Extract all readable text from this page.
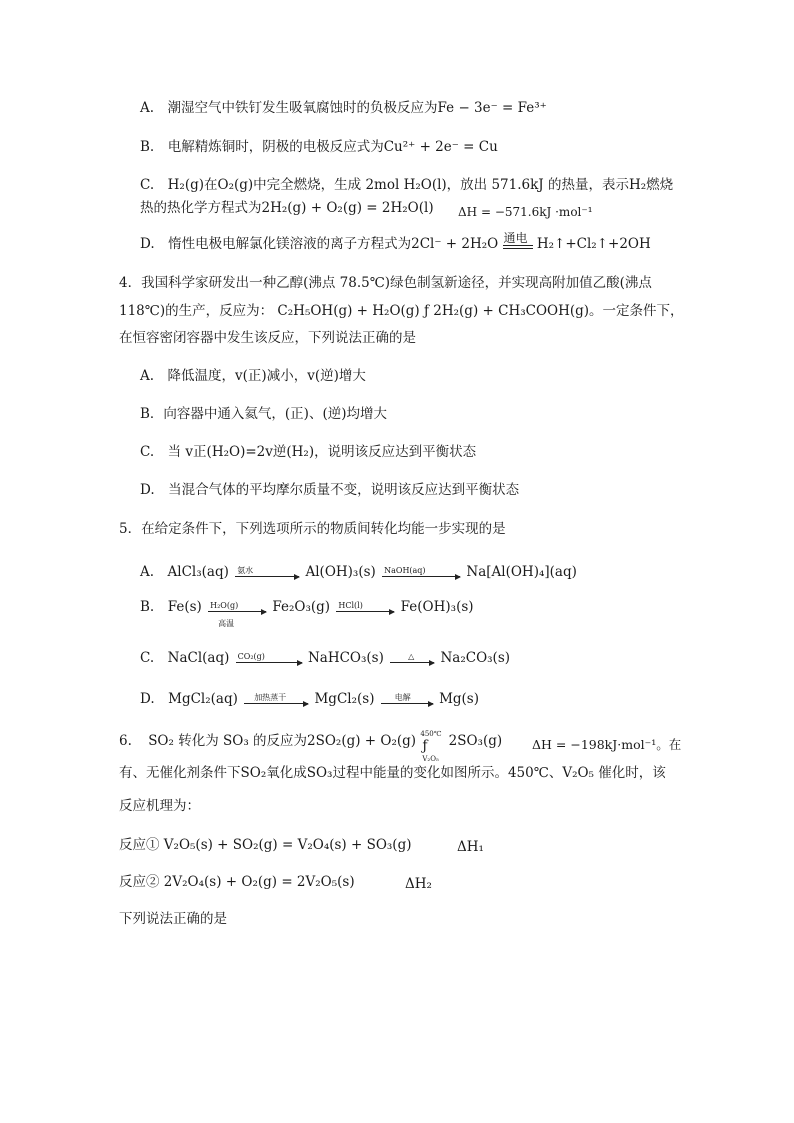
A.　潮湿空气中铁钉发生吸氧腐蚀时的负极反应为Fe − 3e⁻ = Fe³⁺
B.　电解精炼铜时，阴极的电极反应式为Cu²⁺ + 2e⁻ = Cu
C.　H₂(g)在O₂(g)中完全燃烧，生成 2mol H₂O(l)，放出 571.6kJ 的热量，表示H₂燃烧
热的热化学方程式为2H₂(g) + O₂(g) = 2H₂O(l) ΔH = −571.6kJ ·mol⁻¹
D.　惰性电极电解氯化镁溶液的离子方程式为2Cl⁻ + 2H₂O 通电 H₂↑+Cl₂↑+2OH
4．我国科学家研发出一种乙醇(沸点 78.5℃)绿色制氢新途径，并实现高附加值乙酸(沸点
118℃)的生产，反应为： C₂H₅OH(g) + H₂O(g) ƒ 2H₂(g) + CH₃COOH(g)。一定条件下，
在恒容密闭容器中发生该反应，下列说法正确的是
A.　降低温度，v(正)减小，v(逆)增大
B．向容器中通入氦气，(正)、(逆)均增大
C.　当 v正(H₂O)=2v逆(H₂)，说明该反应达到平衡状态
D.　当混合气体的平均摩尔质量不变，说明该反应达到平衡状态
5．在给定条件下，下列选项所示的物质间转化均能一步实现的是
A.　AlCl₃(aq) 氨水	Al(OH)₃(s) NaOH(aq)	Na[Al(OH)₄](aq)
B.　Fe(s) H₂O(g)
高温
Fe₂O₃(g) HCl(l)	Fe(OH)₃(s)
C.　NaCl(aq) CO₂(g)	NaHCO₃(s)	△ Na₂CO₃(s)
D.　MgCl₂(aq) 加热蒸干 MgCl₂(s)	电解 Mg(s)
6. SO₂ 转化为 SO₃ 的反应为2SO₂(g) + O₂(g) 450℃
ƒ
V₂O₅
2SO₃(g) ΔH = −198kJ·mol⁻¹。在
有、无催化剂条件下SO₂氧化成SO₃过程中能量的变化如图所示。450℃、V₂O₅ 催化时，该
反应机理为：
反应① V₂O₅(s) + SO₂(g) = V₂O₄(s) + SO₃(g)	ΔH₁
反应② 2V₂O₄(s) + O₂(g) = 2V₂O₅(s)	ΔH₂
下列说法正确的是
